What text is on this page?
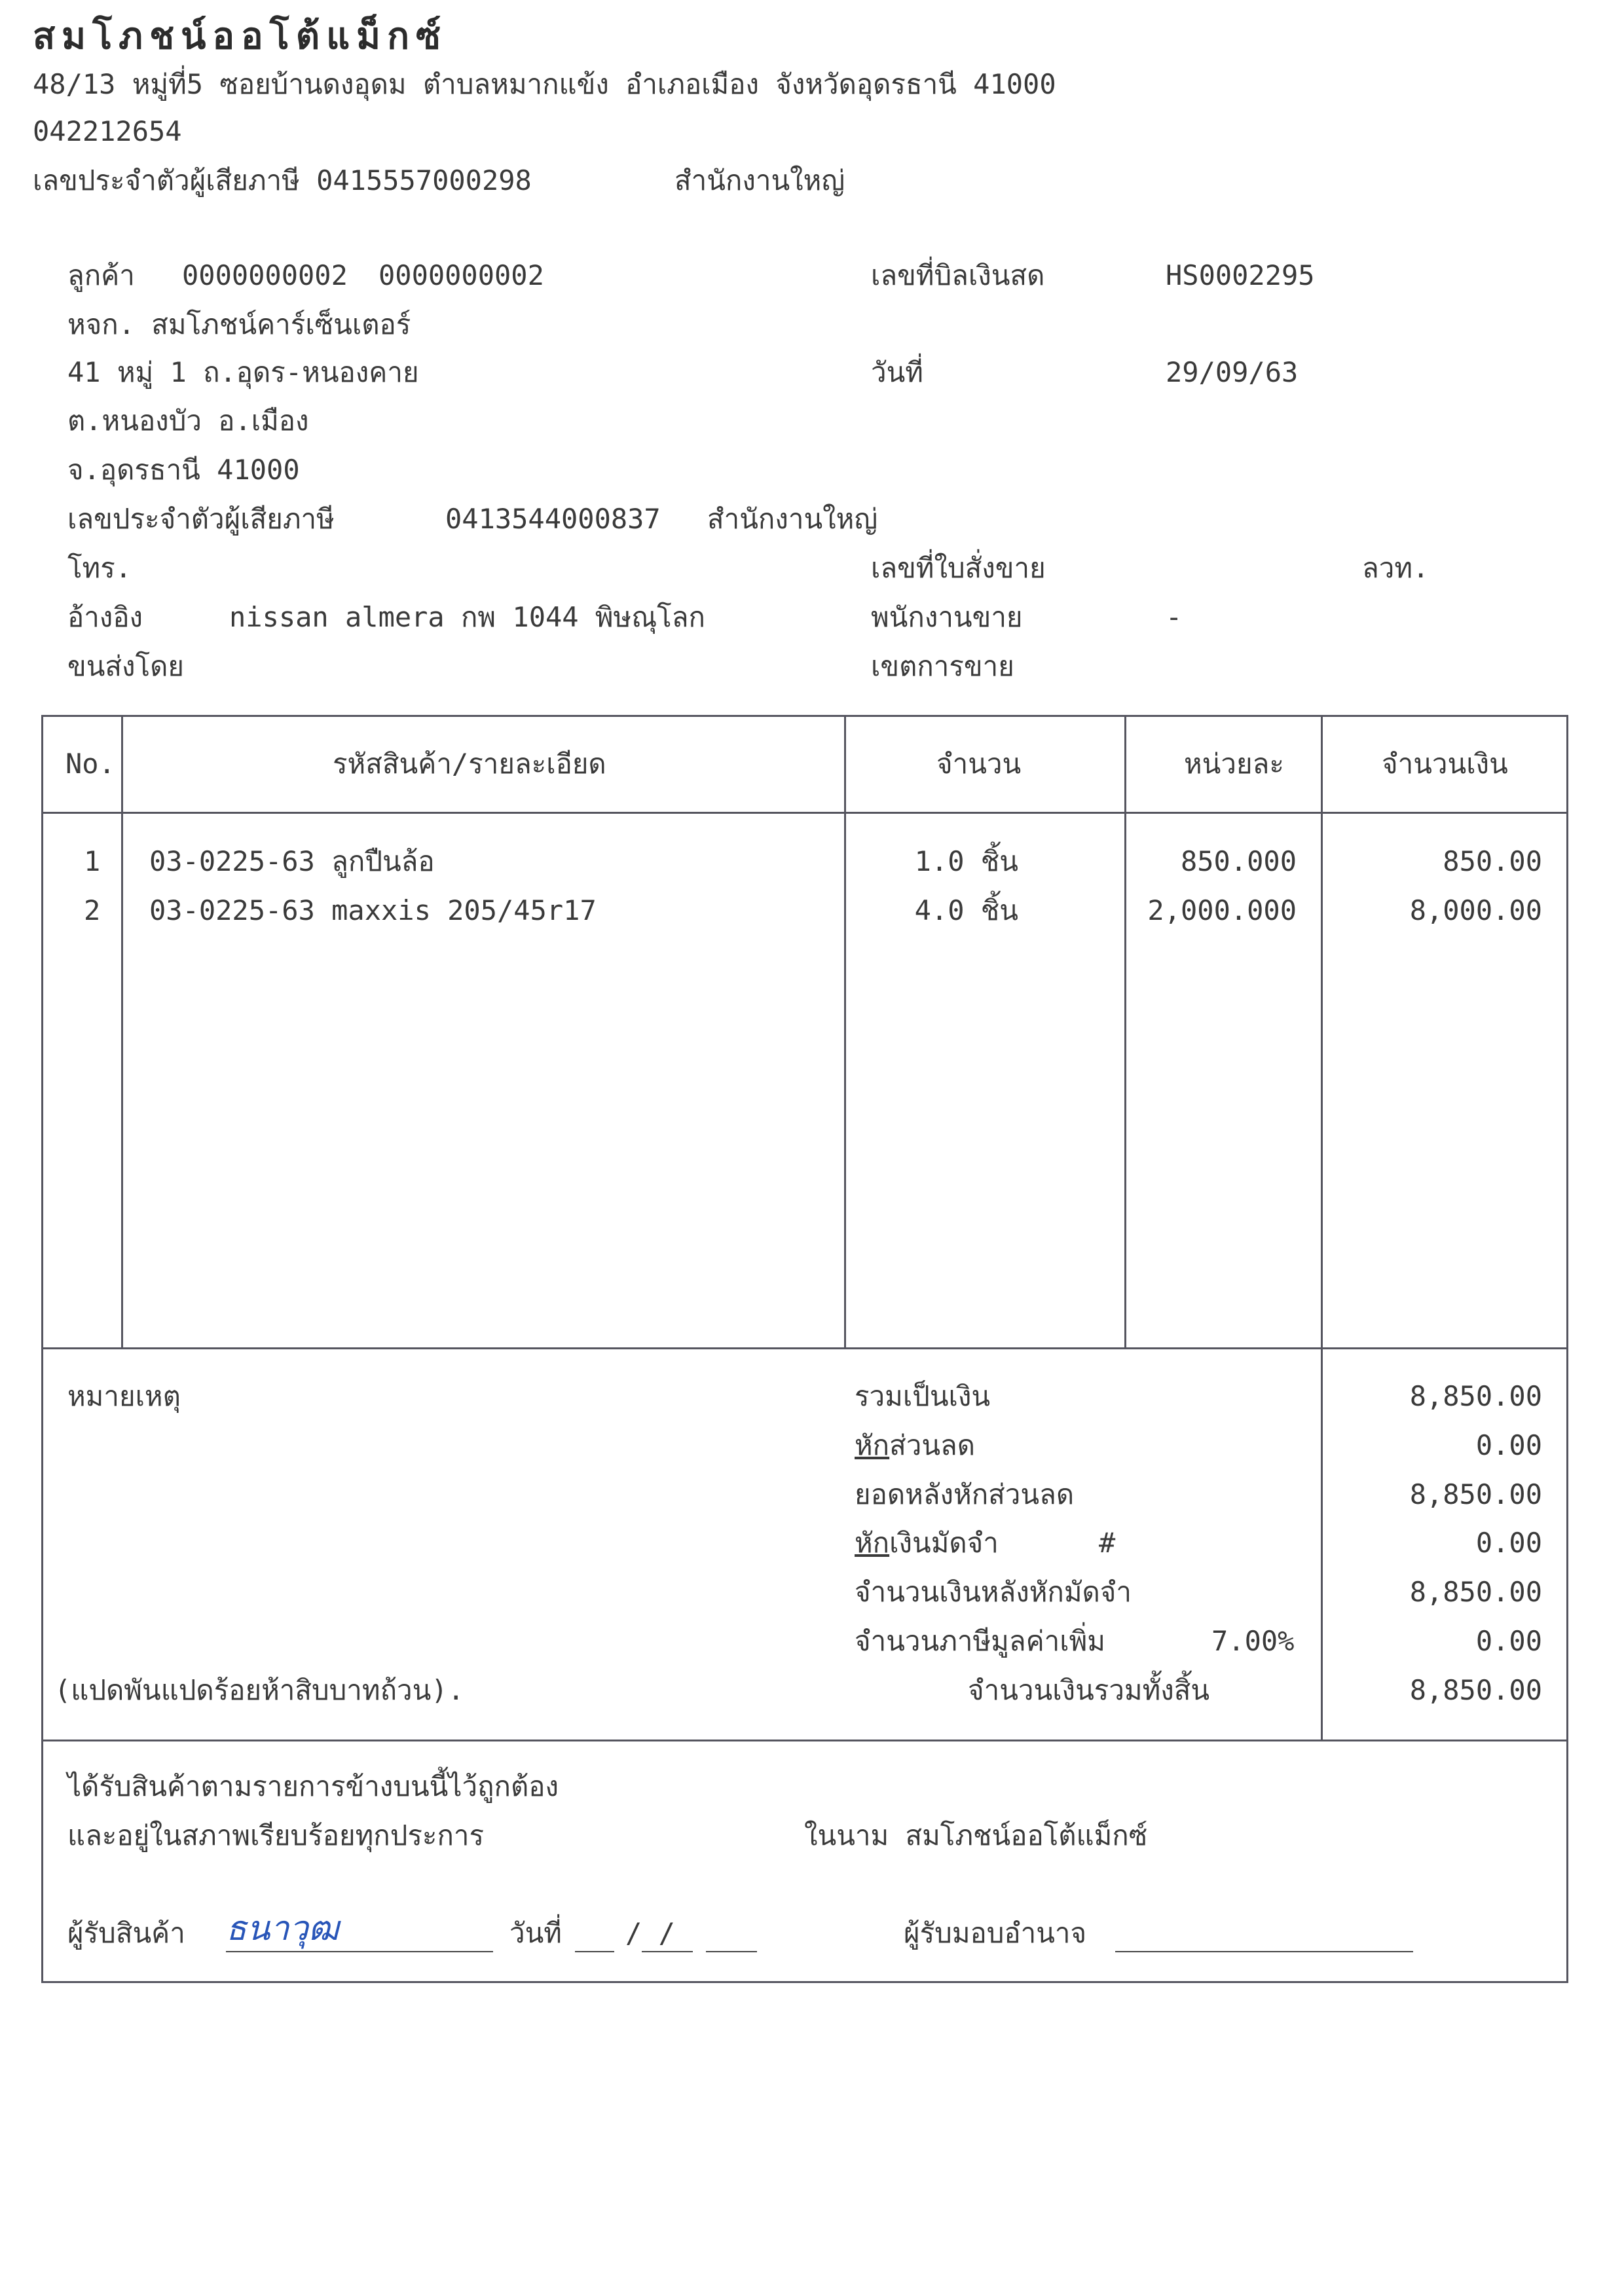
สมโภชน์ออโต้แม็กซ์
48/13 หมู่ที่5 ซอยบ้านดงอุดม ตำบลหมากแข้ง อำเภอเมือง จังหวัดอุดรธานี 41000
042212654
เลขประจำตัวผู้เสียภาษี 0415557000298	สำนักงานใหญ่
ลูกค้า 0000000002 0000000002
หจก. สมโภชน์คาร์เซ็นเตอร์
41 หมู่ 1 ถ.อุดร-หนองคาย
ต.หนองบัว อ.เมือง
จ.อุดรธานี 41000
เลขประจำตัวผู้เสียภาษี	0413544000837 สำนักงานใหญ่
โทร.
อ้างอิง	nissan almera กพ 1044 พิษณุโลก
ขนส่งโดย
เลขที่บิลเงินสด	HS0002295
วันที่	29/09/63
เลขที่ใบสั่งขาย	ลวท.
พนักงานขาย	-
เขตการขาย
No.	รหัสสินค้า/รายละเอียด	จำนวน	หน่วยละ	จำนวนเงิน
1 03-0225-63 ลูกปืนล้อ	1.0 ชิ้น	850.000	850.00
2 03-0225-63 maxxis 205/45r17	4.0 ชิ้น	2,000.000	8,000.00
หมายเหตุ	รวมเป็นเงิน	8,850.00
หักส่วนลด	0.00
ยอดหลังหักส่วนลด	8,850.00
หักเงินมัดจำ	#	0.00
จำนวนเงินหลังหักมัดจำ	8,850.00
จำนวนภาษีมูลค่าเพิ่ม	7.00%	0.00
(แปดพันแปดร้อยห้าสิบบาทถ้วน).	จำนวนเงินรวมทั้งสิ้น	8,850.00
ได้รับสินค้าตามรายการข้างบนนี้ไว้ถูกต้อง
และอยู่ในสภาพเรียบร้อยทุกประการ	ในนาม สมโภชน์ออโต้แม็กซ์
ผู้รับสินค้า ธนาวุฒ	วันที่ / /	ผู้รับมอบอำนาจ
